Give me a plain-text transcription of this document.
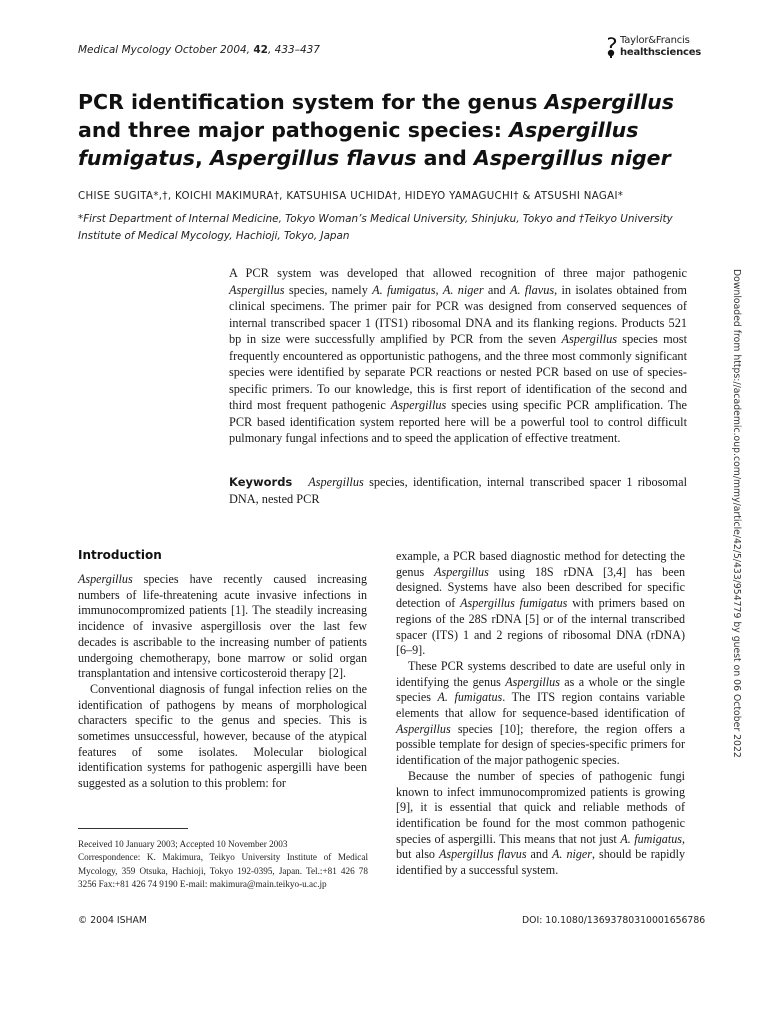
Medical Mycology October 2004, 42, 433–437
Taylor&Francis
healthsciences
PCR identification system for the genus Aspergillus and three major pathogenic species: Aspergillus fumigatus, Aspergillus flavus and Aspergillus niger
CHISE SUGITA*,†, KOICHI MAKIMURA†, KATSUHISA UCHIDA†, HIDEYO YAMAGUCHI† & ATSUSHI NAGAI*
*First Department of Internal Medicine, Tokyo Woman’s Medical University, Shinjuku, Tokyo and †Teikyo University Institute of Medical Mycology, Hachioji, Tokyo, Japan
A PCR system was developed that allowed recognition of three major pathogenic Aspergillus species, namely A. fumigatus, A. niger and A. flavus, in isolates obtained from clinical specimens. The primer pair for PCR was designed from conserved sequences of internal transcribed spacer 1 (ITS1) ribosomal DNA and its flanking regions. Products 521 bp in size were successfully amplified by PCR from the seven Aspergillus species most frequently encountered as opportunistic pathogens, and the three most commonly significant species were identified by separate PCR reactions or nested PCR based on use of species-specific primers. To our knowledge, this is first report of identification of the second and third most frequent pathogenic Aspergillus species using specific PCR amplification. The PCR based identification system reported here will be a powerful tool to control difficult pulmonary fungal infections and to speed the application of effective treatment.
Keywords Aspergillus species, identification, internal transcribed spacer 1 ribosomal DNA, nested PCR
Introduction

Aspergillus species have recently caused increasing numbers of life-threatening acute invasive infections in immunocompromized patients [1]. The steadily increasing incidence of invasive aspergillosis over the last few decades is ascribable to the increasing number of patients undergoing chemotherapy, bone marrow or solid organ transplantation and intensive corticosteroid therapy [2].

Conventional diagnosis of fungal infection relies on the identification of pathogens by means of morphological characters specific to the genus and species. This is sometimes unsuccessful, however, because of the atypical features of some isolates. Molecular biological identification systems for pathogenic aspergilli have been suggested as a solution to this problem: for

example, a PCR based diagnostic method for detecting the genus Aspergillus using 18S rDNA [3,4] has been designed. Systems have also been described for specific detection of Aspergillus fumigatus with primers based on regions of the 28S rDNA [5] or of the internal transcribed spacer (ITS) 1 and 2 regions of ribosomal DNA (rDNA) [6–9].

These PCR systems described to date are useful only in identifying the genus Aspergillus as a whole or the single species A. fumigatus. The ITS region contains variable elements that allow for sequence-based identification of Aspergillus species [10]; therefore, the region offers a possible template for design of species-specific primers for identification of the major pathogenic species.

Because the number of species of pathogenic fungi known to infect immunocompromized patients is growing [9], it is essential that quick and reliable methods of identification be found for the most common pathogenic species of aspergilli. This means that not just A. fumigatus, but also Aspergillus flavus and A. niger, should be rapidly identified by a successful system.

Received 10 January 2003; Accepted 10 November 2003

Correspondence: K. Makimura, Teikyo University Institute of Medical Mycology, 359 Otsuka, Hachioji, Tokyo 192-0395, Japan. Tel.:+81 426 78 3256 Fax:+81 426 74 9190 E-mail: makimura@main.teikyo-u.ac.jp

© 2004 ISHAM	DOI: 10.1080/13693780310001656786
Downloaded from https://academic.oup.com/mmy/article/42/5/433/954779 by guest on 06 October 2022
